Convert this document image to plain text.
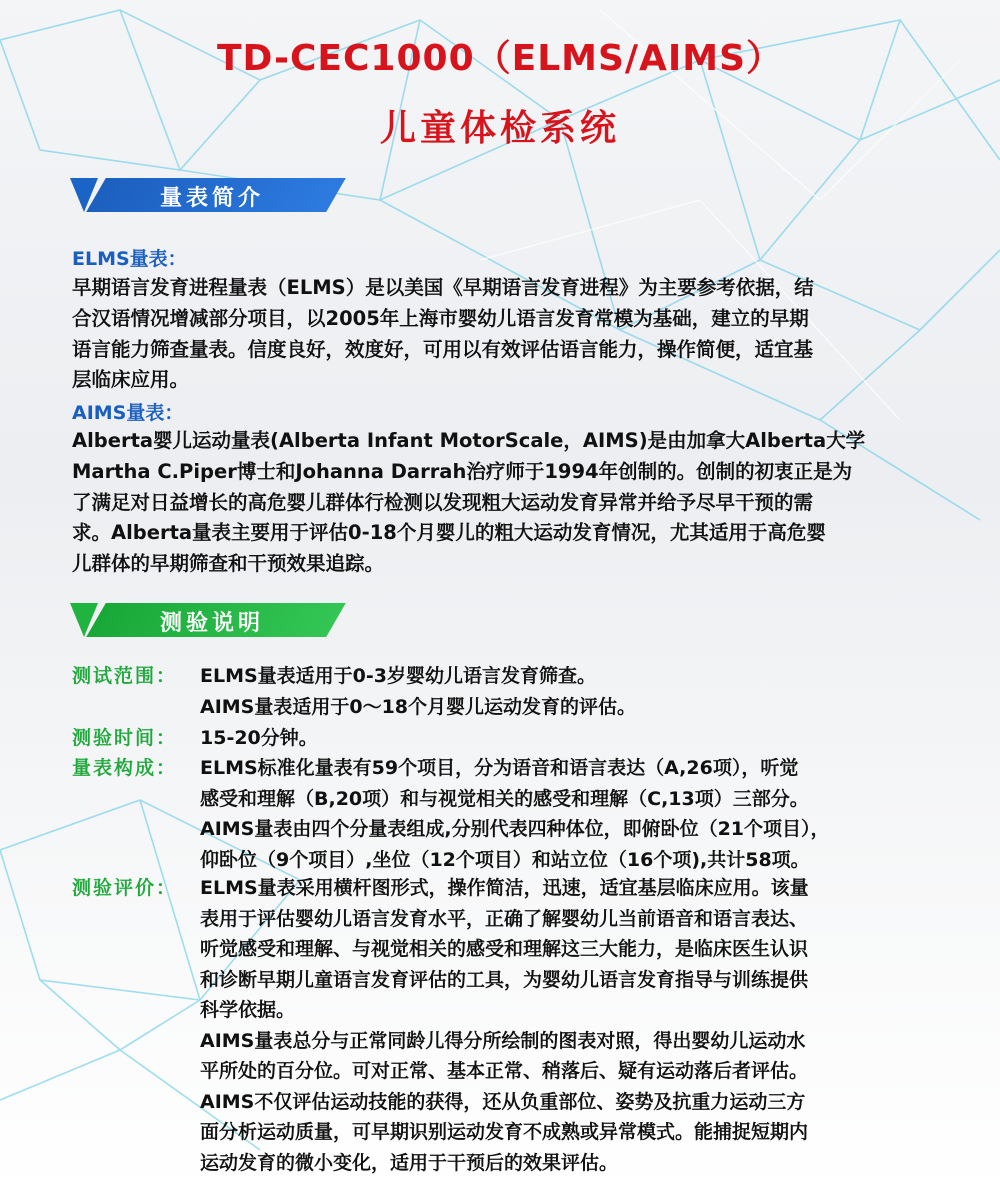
TD-CEC1000（ELMS/AIMS）
儿童体检系统
量表简介
ELMS量表：
早期语言发育进程量表（ELMS）是以美国《早期语言发育进程》为主要参考依据，结
合汉语情况增减部分项目，以2005年上海市婴幼儿语言发育常模为基础，建立的早期
语言能力筛查量表。信度良好，效度好，可用以有效评估语言能力，操作简便，适宜基
层临床应用。
AIMS量表：
Alberta婴儿运动量表(Alberta Infant MotorScale，AIMS)是由加拿大Alberta大学
Martha C.Piper博士和Johanna Darrah治疗师于1994年创制的。创制的初衷正是为
了满足对日益增长的高危婴儿群体行检测以发现粗大运动发育异常并给予尽早干预的需
求。Alberta量表主要用于评估0-18个月婴儿的粗大运动发育情况，尤其适用于高危婴
儿群体的早期筛查和干预效果追踪。
测验说明
测试范围： ELMS量表适用于0-3岁婴幼儿语言发育筛查。
AIMS量表适用于0～18个月婴儿运动发育的评估。
测验时间： 15-20分钟。
量表构成： ELMS标准化量表有59个项目，分为语音和语言表达（A,26项），听觉
感受和理解（B,20项）和与视觉相关的感受和理解（C,13项）三部分。
AIMS量表由四个分量表组成,分别代表四种体位，即俯卧位（21个项目），
仰卧位（9个项目）,坐位（12个项目）和站立位（16个项),共计58项。
测验评价： ELMS量表采用横杆图形式，操作简洁，迅速，适宜基层临床应用。该量
表用于评估婴幼儿语言发育水平，正确了解婴幼儿当前语音和语言表达、
听觉感受和理解、与视觉相关的感受和理解这三大能力，是临床医生认识
和诊断早期儿童语言发育评估的工具，为婴幼儿语言发育指导与训练提供
科学依据。
AIMS量表总分与正常同龄儿得分所绘制的图表对照，得出婴幼儿运动水
平所处的百分位。可对正常、基本正常、稍落后、疑有运动落后者评估。
AIMS不仅评估运动技能的获得，还从负重部位、姿势及抗重力运动三方
面分析运动质量，可早期识别运动发育不成熟或异常模式。能捕捉短期内
运动发育的微小变化，适用于干预后的效果评估。
